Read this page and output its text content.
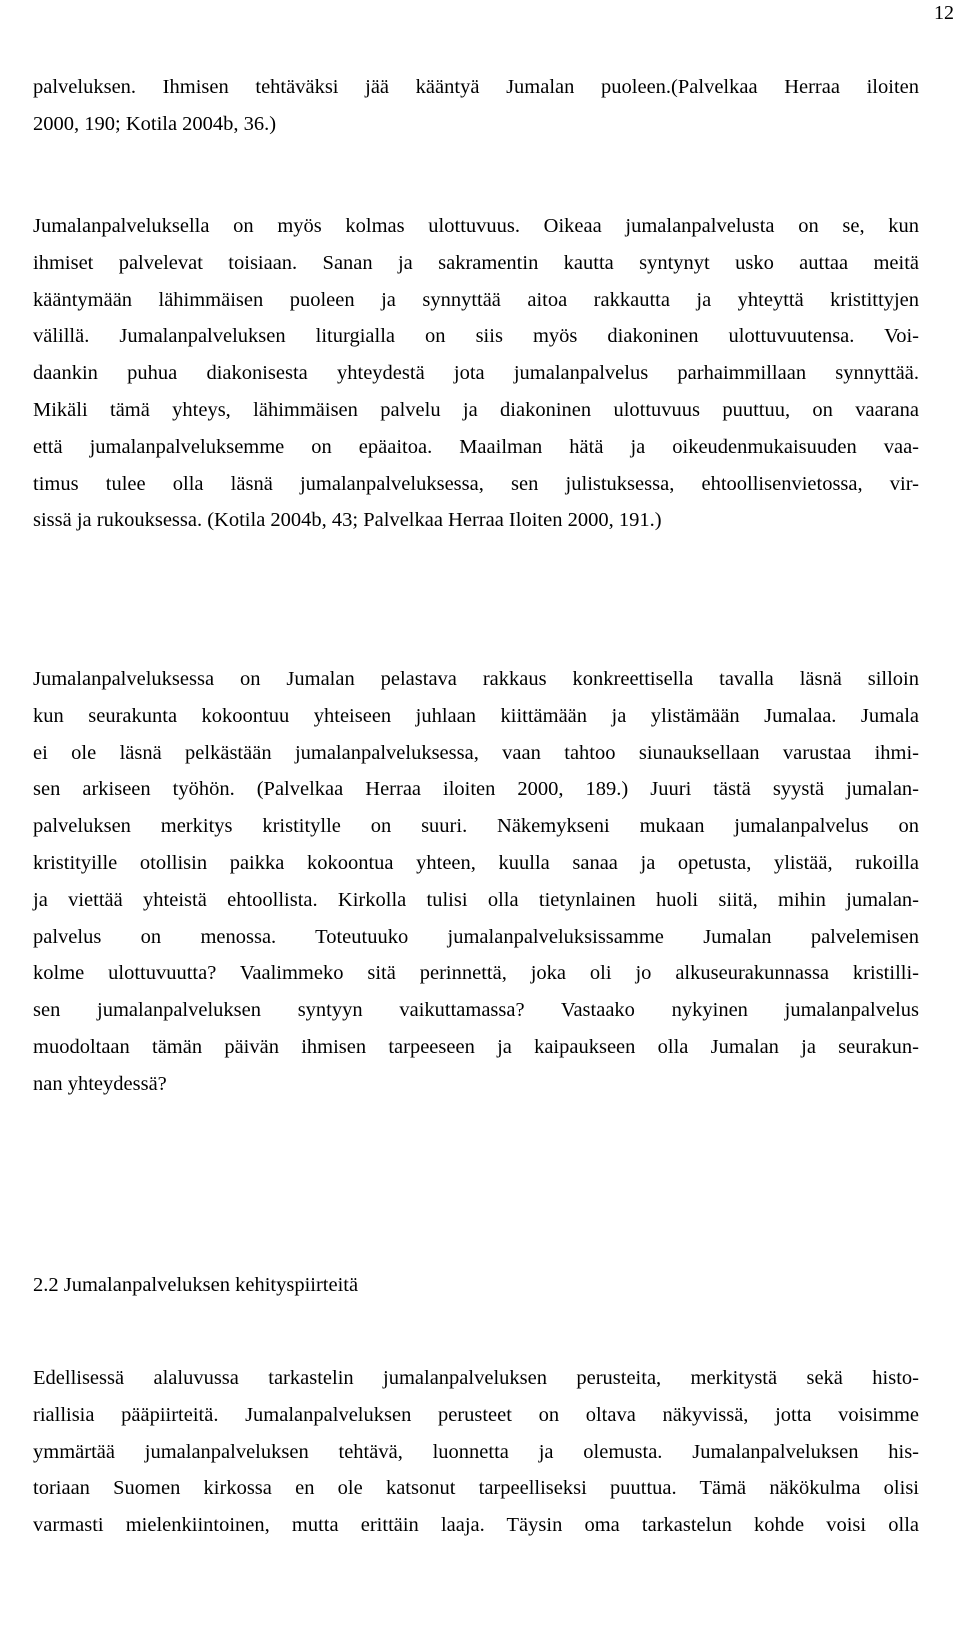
12
palveluksen. Ihmisen tehtäväksi jää kääntyä Jumalan puoleen.(Palvelkaa Herraa iloiten
2000, 190; Kotila 2004b, 36.)
Jumalanpalveluksella on myös kolmas ulottuvuus. Oikeaa jumalanpalvelusta on se, kun
ihmiset palvelevat toisiaan. Sanan ja sakramentin kautta syntynyt usko auttaa meitä
kääntymään lähimmäisen puoleen ja synnyttää aitoa rakkautta ja yhteyttä kristittyjen
välillä. Jumalanpalveluksen liturgialla on siis myös diakoninen ulottuvuutensa. Voi-
daankin puhua diakonisesta yhteydestä jota jumalanpalvelus parhaimmillaan synnyttää.
Mikäli tämä yhteys, lähimmäisen palvelu ja diakoninen ulottuvuus puuttuu, on vaarana
että jumalanpalveluksemme on epäaitoa. Maailman hätä ja oikeudenmukaisuuden vaa-
timus tulee olla läsnä jumalanpalveluksessa, sen julistuksessa, ehtoollisenvietossa, vir-
sissä ja rukouksessa. (Kotila 2004b, 43; Palvelkaa Herraa Iloiten 2000, 191.)
Jumalanpalveluksessa on Jumalan pelastava rakkaus konkreettisella tavalla läsnä silloin
kun seurakunta kokoontuu yhteiseen juhlaan kiittämään ja ylistämään Jumalaa. Jumala
ei ole läsnä pelkästään jumalanpalveluksessa, vaan tahtoo siunauksellaan varustaa ihmi-
sen arkiseen työhön. (Palvelkaa Herraa iloiten 2000, 189.) Juuri tästä syystä jumalan-
palveluksen merkitys kristitylle on suuri. Näkemykseni mukaan jumalanpalvelus on
kristityille otollisin paikka kokoontua yhteen, kuulla sanaa ja opetusta, ylistää, rukoilla
ja viettää yhteistä ehtoollista. Kirkolla tulisi olla tietynlainen huoli siitä, mihin jumalan-
palvelus on menossa. Toteutuuko jumalanpalveluksissamme Jumalan palvelemisen
kolme ulottuvuutta? Vaalimmeko sitä perinnettä, joka oli jo alkuseurakunnassa kristilli-
sen jumalanpalveluksen syntyyn vaikuttamassa? Vastaako nykyinen jumalanpalvelus
muodoltaan tämän päivän ihmisen tarpeeseen ja kaipaukseen olla Jumalan ja seurakun-
nan yhteydessä?
2.2 Jumalanpalveluksen kehityspiirteitä
Edellisessä alaluvussa tarkastelin jumalanpalveluksen perusteita, merkitystä sekä histo-
riallisia pääpiirteitä. Jumalanpalveluksen perusteet on oltava näkyvissä, jotta voisimme
ymmärtää jumalanpalveluksen tehtävä, luonnetta ja olemusta. Jumalanpalveluksen his-
toriaan Suomen kirkossa en ole katsonut tarpeelliseksi puuttua. Tämä näkökulma olisi
varmasti mielenkiintoinen, mutta erittäin laaja. Täysin oma tarkastelun kohde voisi olla
